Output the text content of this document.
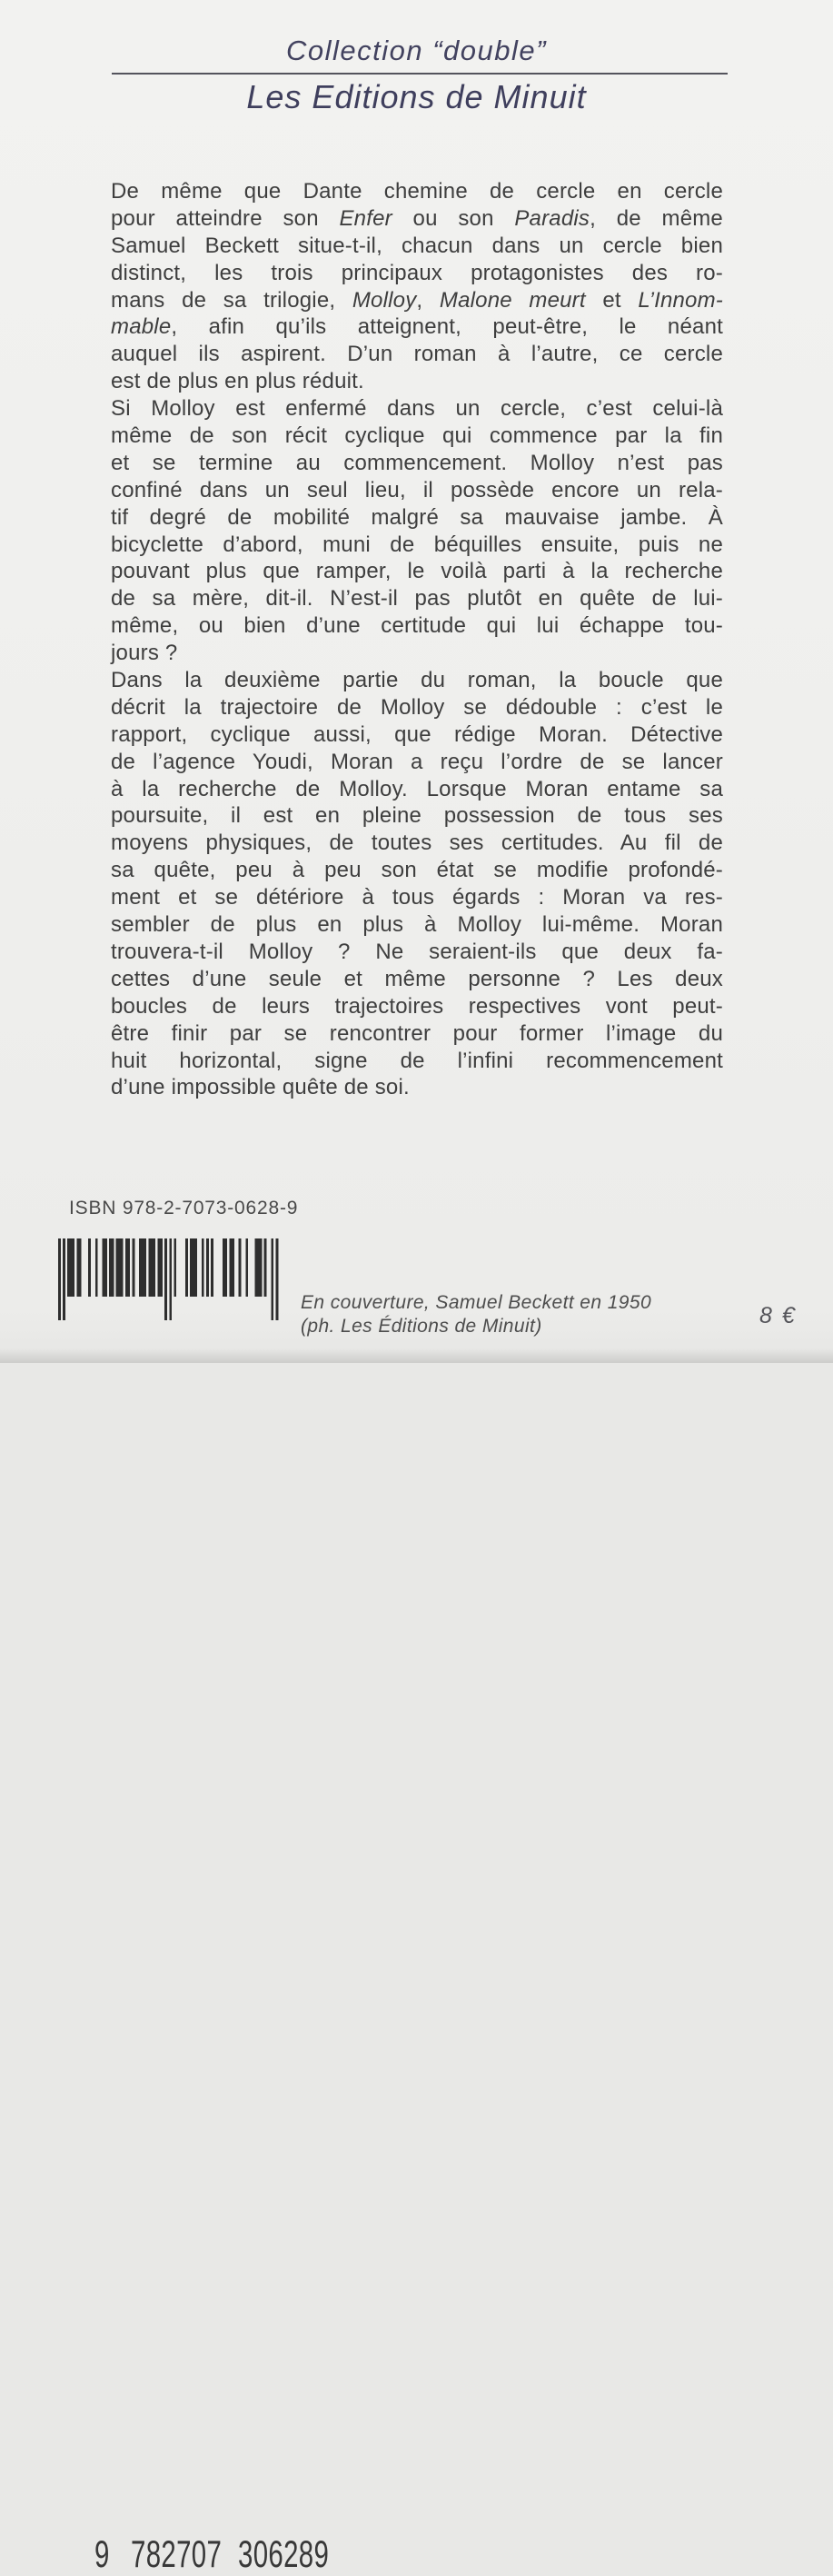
Collection “double”
Les Editions de Minuit
De même que Dante chemine de cercle en cercle
pour atteindre son Enfer ou son Paradis, de même
Samuel Beckett situe-t-il, chacun dans un cercle bien
distinct, les trois principaux protagonistes des ro-
mans de sa trilogie, Molloy, Malone meurt et L’Innom-
mable, afin qu’ils atteignent, peut-être, le néant
auquel ils aspirent. D’un roman à l’autre, ce cercle
est de plus en plus réduit.
Si Molloy est enfermé dans un cercle, c’est celui-là
même de son récit cyclique qui commence par la fin
et se termine au commencement. Molloy n’est pas
confiné dans un seul lieu, il possède encore un rela-
tif degré de mobilité malgré sa mauvaise jambe. À
bicyclette d’abord, muni de béquilles ensuite, puis ne
pouvant plus que ramper, le voilà parti à la recherche
de sa mère, dit-il. N’est-il pas plutôt en quête de lui-
même, ou bien d’une certitude qui lui échappe tou-
jours ?
Dans la deuxième partie du roman, la boucle que
décrit la trajectoire de Molloy se dédouble : c’est le
rapport, cyclique aussi, que rédige Moran. Détective
de l’agence Youdi, Moran a reçu l’ordre de se lancer
à la recherche de Molloy. Lorsque Moran entame sa
poursuite, il est en pleine possession de tous ses
moyens physiques, de toutes ses certitudes. Au fil de
sa quête, peu à peu son état se modifie profondé-
ment et se détériore à tous égards : Moran va res-
sembler de plus en plus à Molloy lui-même. Moran
trouvera-t-il Molloy ? Ne seraient-ils que deux fa-
cettes d’une seule et même personne ? Les deux
boucles de leurs trajectoires respectives vont peut-
être finir par se rencontrer pour former l’image du
huit horizontal, signe de l’infini recommencement
d’une impossible quête de soi.
ISBN 978-2-7073-0628-9
9 782707 306289
En couverture, Samuel Beckett en 1950
(ph. Les Éditions de Minuit)	8 €
